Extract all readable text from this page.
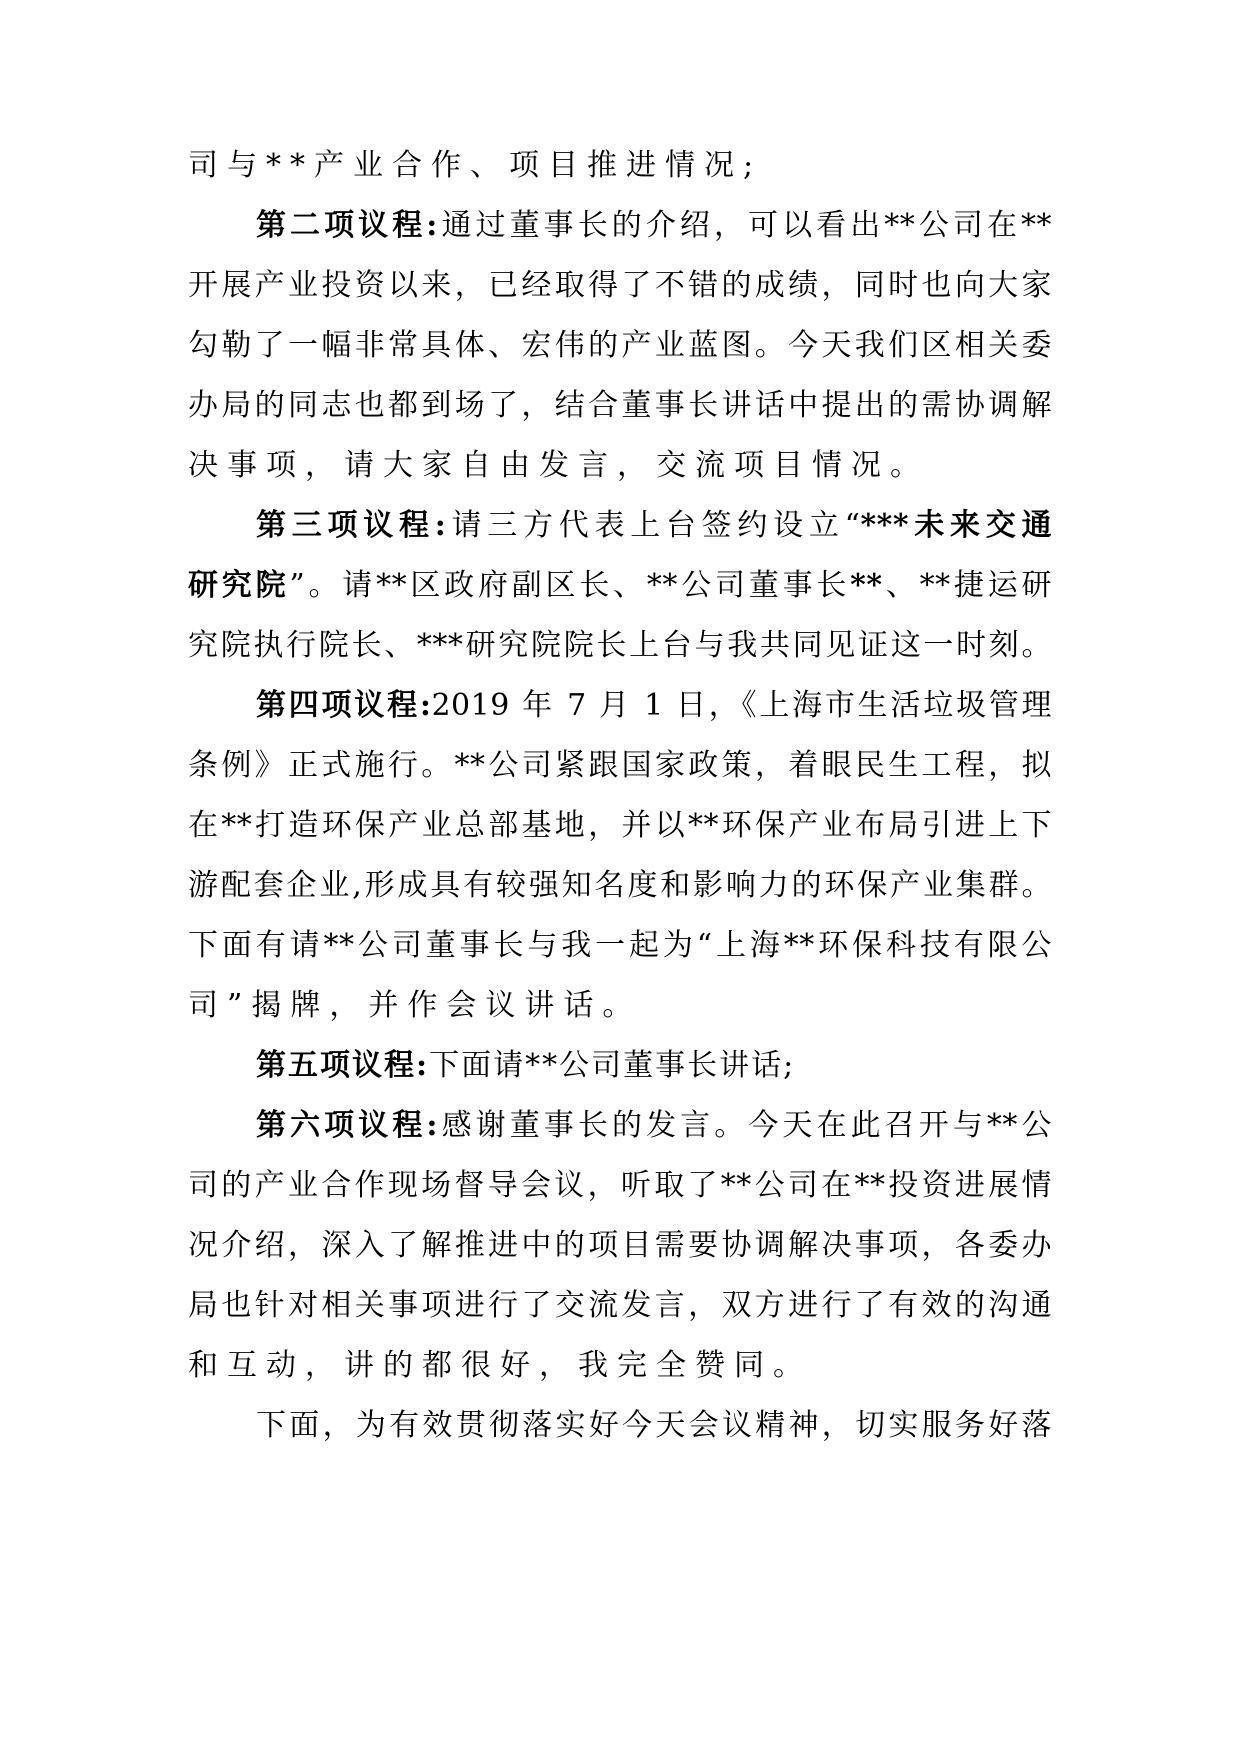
司与**产业合作、项目推进情况;
第二项议程:通过董事长的介绍，可以看出**公司在**
开展产业投资以来，已经取得了不错的成绩，同时也向大家
勾勒了一幅非常具体、宏伟的产业蓝图。今天我们区相关委
办局的同志也都到场了，结合董事长讲话中提出的需协调解
决事项，请大家自由发言，交流项目情况。
第三项议程:请三方代表上台签约设立“***未来交通
研究院”。请**区政府副区长、**公司董事长**、**捷运研
究院执行院长、***研究院院长上台与我共同见证这一时刻。
第四项议程:2019 年 7 月 1 日，《上海市生活垃圾管理
条例》正式施行。**公司紧跟国家政策，着眼民生工程，拟
在**打造环保产业总部基地，并以**环保产业布局引进上下
游配套企业,形成具有较强知名度和影响力的环保产业集群。
下面有请**公司董事长与我一起为“上海**环保科技有限公
司”揭牌，并作会议讲话。
第五项议程:下面请**公司董事长讲话;
第六项议程:感谢董事长的发言。今天在此召开与**公
司的产业合作现场督导会议，听取了**公司在**投资进展情
况介绍，深入了解推进中的项目需要协调解决事项，各委办
局也针对相关事项进行了交流发言，双方进行了有效的沟通
和互动，讲的都很好，我完全赞同。
下面，为有效贯彻落实好今天会议精神，切实服务好落
